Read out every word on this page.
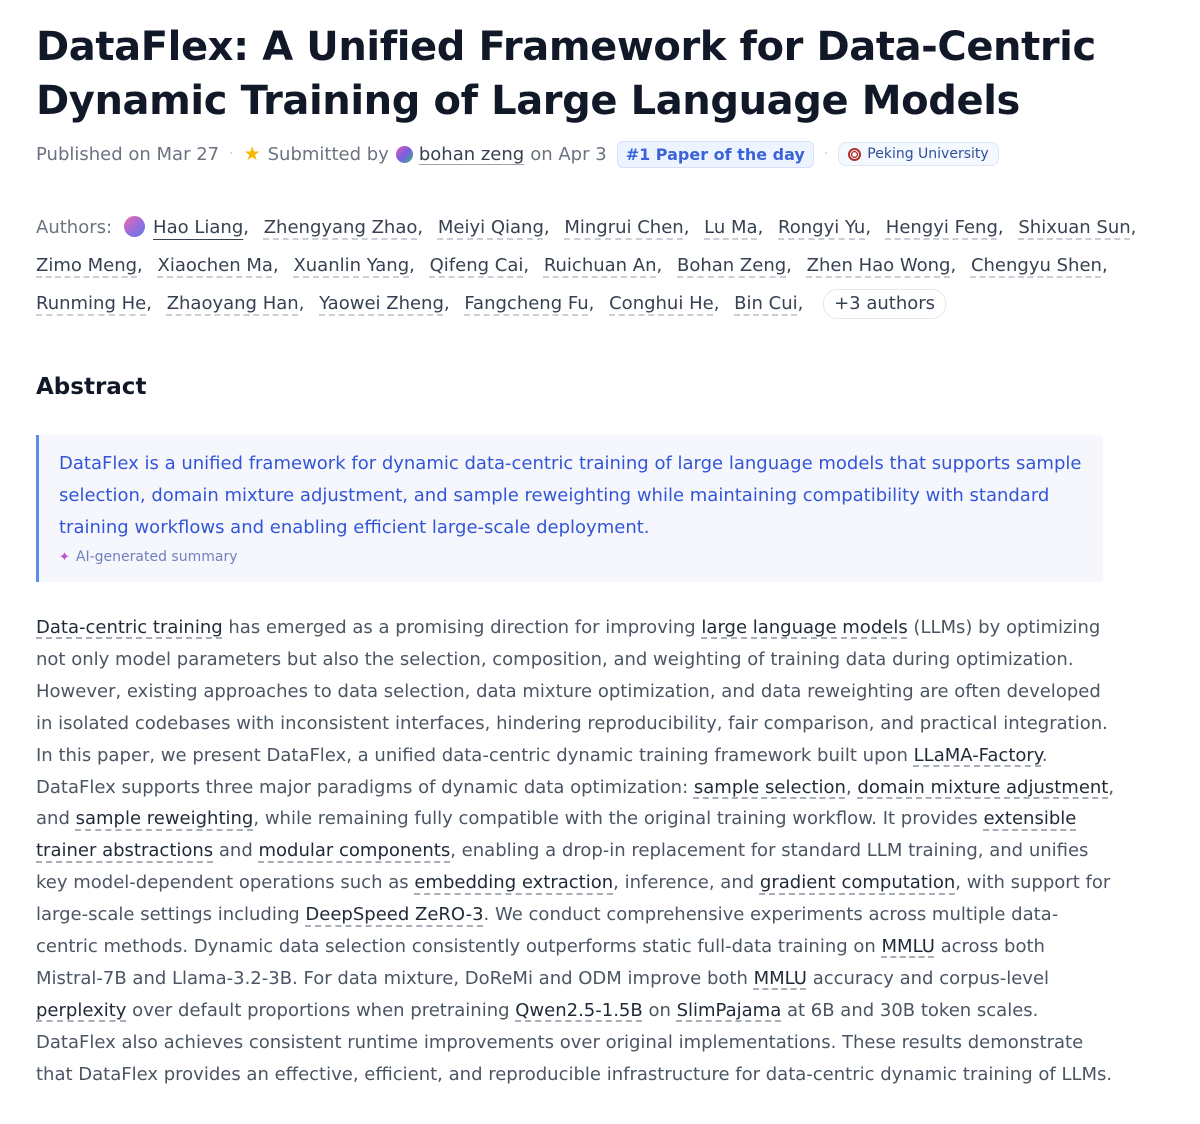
DataFlex: A Unified Framework for Data-Centric Dynamic Training of Large Language Models
Published on Mar 27 · ★ Submitted by bohan zeng on Apr 3	#1 Paper of the day	·	Peking University
Authors: Hao Liang, Zhengyang Zhao, Meiyi Qiang, Mingrui Chen, Lu Ma, Rongyi Yu, Hengyi Feng, Shixuan Sun, Zimo Meng, Xiaochen Ma, Xuanlin Yang, Qifeng Cai, Ruichuan An, Bohan Zeng, Zhen Hao Wong, Chengyu Shen, Runming He, Zhaoyang Han, Yaowei Zheng, Fangcheng Fu, Conghui He, Bin Cui, +3 authors
Abstract
DataFlex is a unified framework for dynamic data-centric training of large language models that supports sample selection, domain mixture adjustment, and sample reweighting while maintaining compatibility with standard training workflows and enabling efficient large-scale deployment.
✦ AI-generated summary
Data-centric training has emerged as a promising direction for improving large language models (LLMs) by optimizing not only model parameters but also the selection, composition, and weighting of training data during optimization. However, existing approaches to data selection, data mixture optimization, and data reweighting are often developed in isolated codebases with inconsistent interfaces, hindering reproducibility, fair comparison, and practical integration. In this paper, we present DataFlex, a unified data-centric dynamic training framework built upon LLaMA-Factory. DataFlex supports three major paradigms of dynamic data optimization: sample selection, domain mixture adjustment, and sample reweighting, while remaining fully compatible with the original training workflow. It provides extensible trainer abstractions and modular components, enabling a drop-in replacement for standard LLM training, and unifies key model-dependent operations such as embedding extraction, inference, and gradient computation, with support for large-scale settings including DeepSpeed ZeRO-3. We conduct comprehensive experiments across multiple data-centric methods. Dynamic data selection consistently outperforms static full-data training on MMLU across both Mistral-7B and Llama-3.2-3B. For data mixture, DoReMi and ODM improve both MMLU accuracy and corpus-level perplexity over default proportions when pretraining Qwen2.5-1.5B on SlimPajama at 6B and 30B token scales. DataFlex also achieves consistent runtime improvements over original implementations. These results demonstrate that DataFlex provides an effective, efficient, and reproducible infrastructure for data-centric dynamic training of LLMs.
